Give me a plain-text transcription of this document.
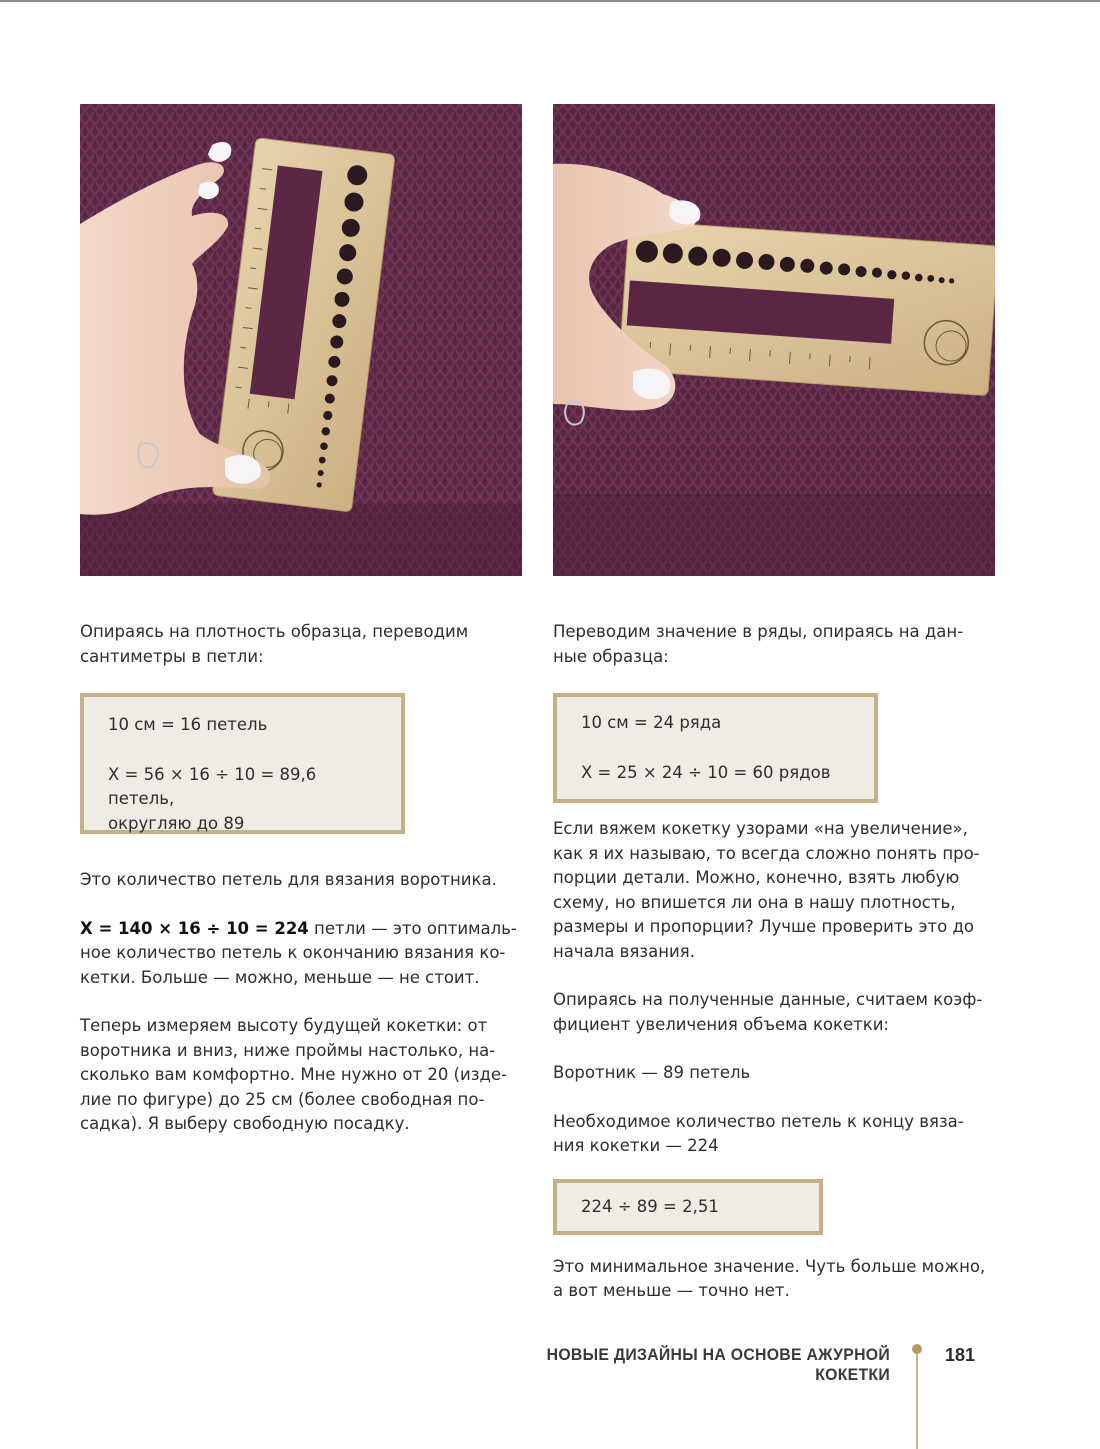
Опираясь на плотность образца, переводим
сантиметры в петли:

10 см = 16 петель
Х = 56 × 16 ÷ 10 = 89,6 петель,
округляю до 89

Это количество петель для вязания воротника.

Х = 140 × 16 ÷ 10 = 224 петли — это оптималь-
ное количество петель к окончанию вязания ко-
кетки. Больше — можно, меньше — не стоит.

Теперь измеряем высоту будущей кокетки: от
воротника и вниз, ниже проймы настолько, на-
сколько вам комфортно. Мне нужно от 20 (изде-
лие по фигуре) до 25 см (более свободная по-
садка). Я выберу свободную посадку.

Переводим значение в ряды, опираясь на дан-
ные образца:

10 см = 24 ряда
Х = 25 × 24 ÷ 10 = 60 рядов

Если вяжем кокетку узорами «на увеличение»,
как я их называю, то всегда сложно понять про-
порции детали. Можно, конечно, взять любую
схему, но впишется ли она в нашу плотность,
размеры и пропорции? Лучше проверить это до
начала вязания.

Опираясь на полученные данные, считаем коэф-
фициент увеличения объема кокетки:

Воротник — 89 петель

Необходимое количество петель к концу вяза-
ния кокетки — 224

224 ÷ 89 = 2,51

Это минимальное значение. Чуть больше можно,
а вот меньше — точно нет.

НОВЫЕ ДИЗАЙНЫ НА ОСНОВЕ АЖУРНОЙ КОКЕТКИ
181
